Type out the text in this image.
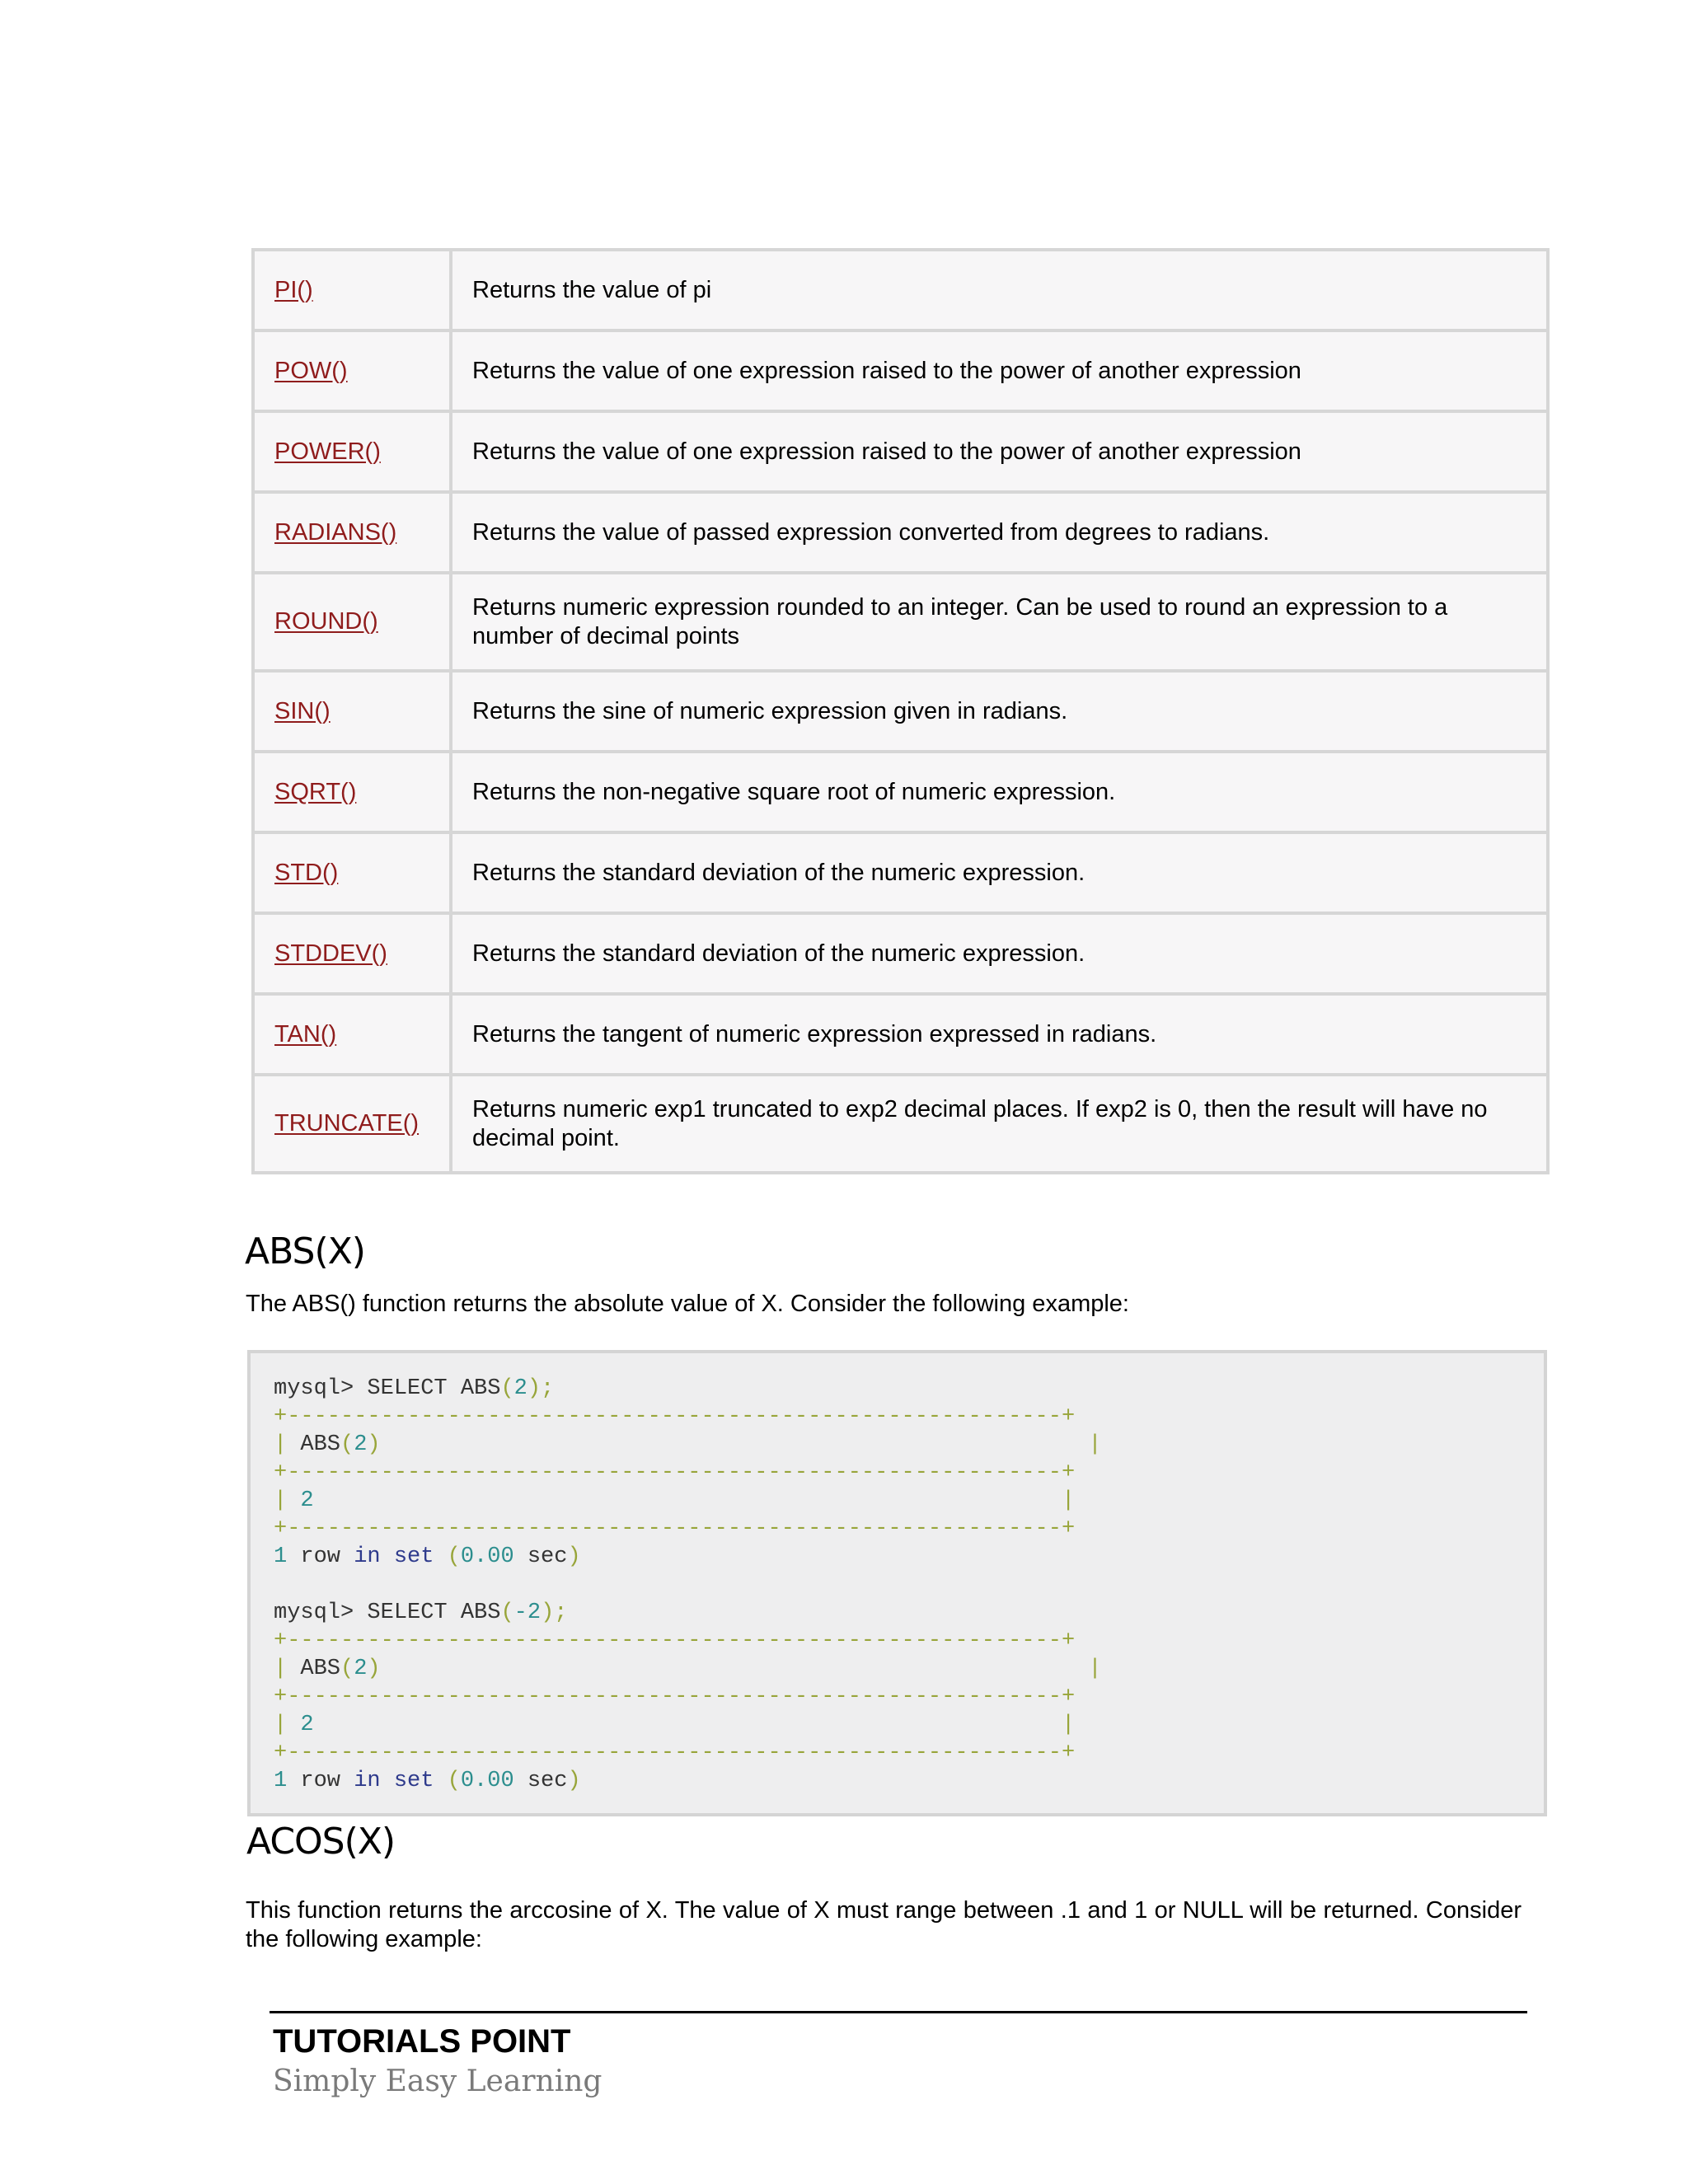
PI()	Returns the value of pi
POW()	Returns the value of one expression raised to the power of another expression
POWER()	Returns the value of one expression raised to the power of another expression
RADIANS()	Returns the value of passed expression converted from degrees to radians.
ROUND()	Returns numeric expression rounded to an integer. Can be used to round an expression to a number of decimal points
SIN()	Returns the sine of numeric expression given in radians.
SQRT()	Returns the non-negative square root of numeric expression.
STD()	Returns the standard deviation of the numeric expression.
STDDEV()	Returns the standard deviation of the numeric expression.
TAN()	Returns the tangent of numeric expression expressed in radians.
TRUNCATE()	Returns numeric exp1 truncated to exp2 decimal places. If exp2 is 0, then the result will have no decimal point.
ABS(X)

The ABS() function returns the absolute value of X. Consider the following example:

mysql> SELECT ABS(2);
+----------------------------------------------------------+
| ABS(2)	|
+----------------------------------------------------------+
| 2	|
+----------------------------------------------------------+
1 row in set (0.00 sec)
mysql> SELECT ABS(-2);
+----------------------------------------------------------+
| ABS(2)	|
+----------------------------------------------------------+
| 2	|
+----------------------------------------------------------+
1 row in set (0.00 sec)
ACOS(X)

This function returns the arccosine of X. The value of X must range between .1 and 1 or NULL will be returned. Consider the following example:

TUTORIALS POINT
Simply Easy Learning
